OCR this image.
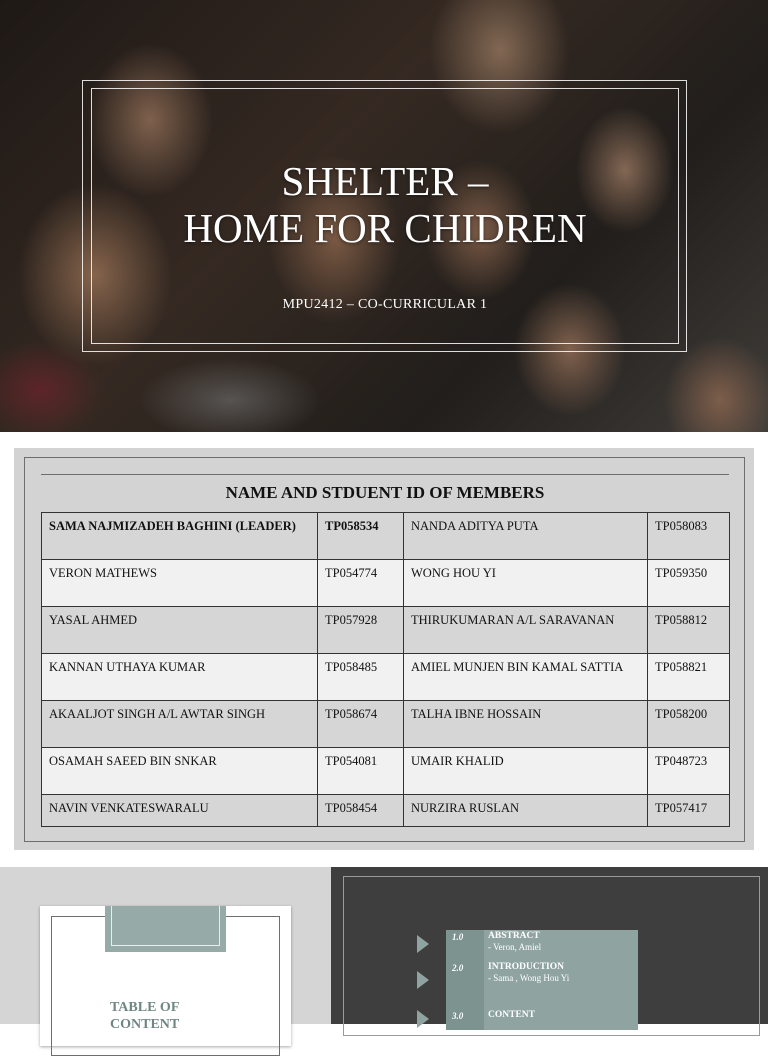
SHELTER –
HOME FOR CHIDREN
MPU2412 – CO-CURRICULAR 1
NAME AND STDUENT ID OF MEMBERS
SAMA NAJMIZADEH BAGHINI (LEADER)	TP058534	NANDA ADITYA PUTA	TP058083
VERON MATHEWS	TP054774	WONG HOU YI	TP059350
YASAL AHMED	TP057928	THIRUKUMARAN A/L SARAVANAN	TP058812
KANNAN UTHAYA KUMAR	TP058485	AMIEL MUNJEN BIN KAMAL SATTIA	TP058821
AKAALJOT SINGH A/L AWTAR SINGH	TP058674	TALHA IBNE HOSSAIN	TP058200
OSAMAH SAEED BIN SNKAR	TP054081	UMAIR KHALID	TP048723
NAVIN VENKATESWARALU	TP058454	NURZIRA RUSLAN	TP057417
TABLE OF CONTENT
1.0	ABSTRACT
- Veron, Amiel
2.0	INTRODUCTION
- Sama , Wong Hou Yi
3.0	CONTENT
